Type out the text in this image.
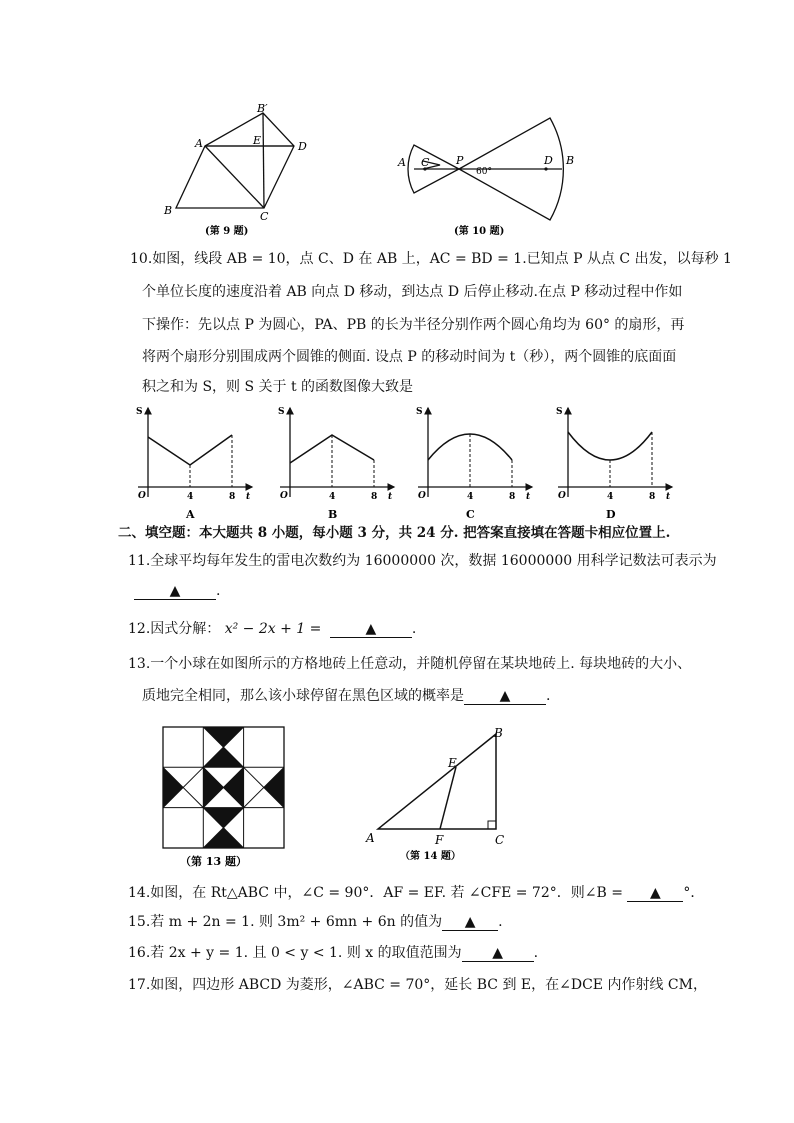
B′
A	E	D
B	C
(第 9 题)
A C P
60°
D B
(第 10 题)
10.如图，线段 AB = 10，点 C、D 在 AB 上，AC = BD = 1.已知点 P 从点 C 出发，以每秒 1
个单位长度的速度沿着 AB 向点 D 移动，到达点 D 后停止移动.在点 P 移动过程中作如
下操作：先以点 P 为圆心，PA、PB 的长为半径分别作两个圆心角均为 60° 的扇形，再
将两个扇形分别围成两个圆锥的侧面. 设点 P 的移动时间为 t（秒），两个圆锥的底面面
积之和为 S，则 S 关于 t 的函数图像大致是
S
O	4	8 t
A
S
O	4	8 t
B
S
O	4	8 t
C
S
O	4	8 t
D
二、填空题：本大题共 8 小题，每小题 3 分，共 24 分. 把答案直接填在答题卡相应位置上.
11.全球平均每年发生的雷电次数约为 16000000 次，数据 16000000 用科学记数法可表示为
▲	.
12.因式分解： x² − 2x + 1 =	▲	.
13.一个小球在如图所示的方格地砖上任意动，并随机停留在某块地砖上. 每块地砖的大小、
质地完全相同，那么该小球停留在黑色区域的概率是	▲	.
（第 13 题）
B
E
A	F	C
（第 14 题）
14.如图，在 Rt△ABC 中，∠C = 90°．AF = EF. 若 ∠CFE = 72°．则∠B = ▲ °．
15.若 m + 2n = 1. 则 3m² + 6mn + 6n 的值为 ▲ .
16.若 2x + y = 1. 且 0 < y < 1. 则 x 的取值范围为 ▲ .
17.如图，四边形 ABCD 为菱形，∠ABC = 70°，延长 BC 到 E，在∠DCE 内作射线 CM，
